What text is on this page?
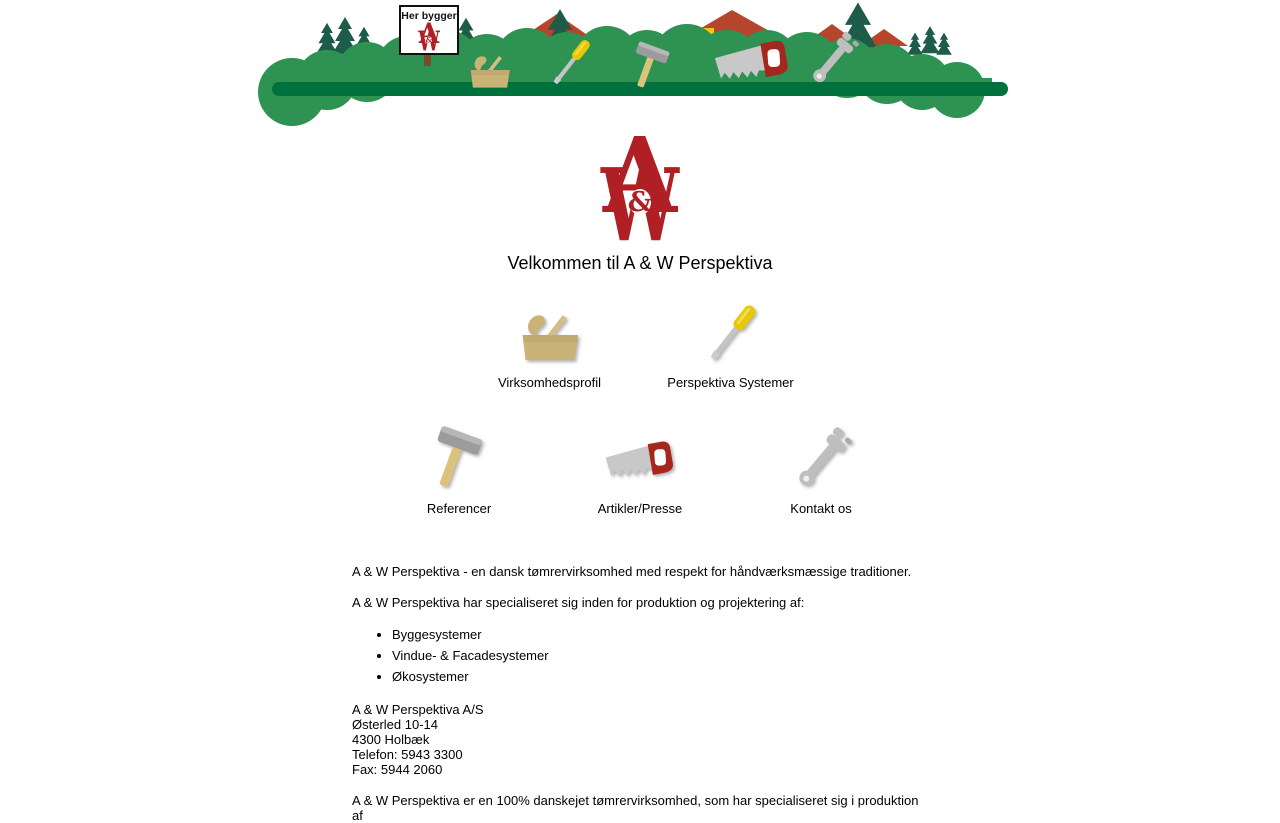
Her bygger
Velkommen til A & W Perspektiva
Virksomhedsprofil	Perspektiva Systemer
Referencer	Artikler/Presse	Kontakt os

A & W Perspektiva - en dansk tømrervirksomhed med respekt for håndværksmæssige traditioner.

A & W Perspektiva har specialiseret sig inden for produktion og projektering af:

• Byggesystemer
• Vindue- & Facadesystemer
• Økosystemer
A & W Perspektiva A/S
Østerled 10-14
4300 Holbæk
Telefon: 5943 3300
Fax: 5944 2060

A & W Perspektiva er en 100% danskejet tømrervirksomhed, som har specialiseret sig i produktion af
